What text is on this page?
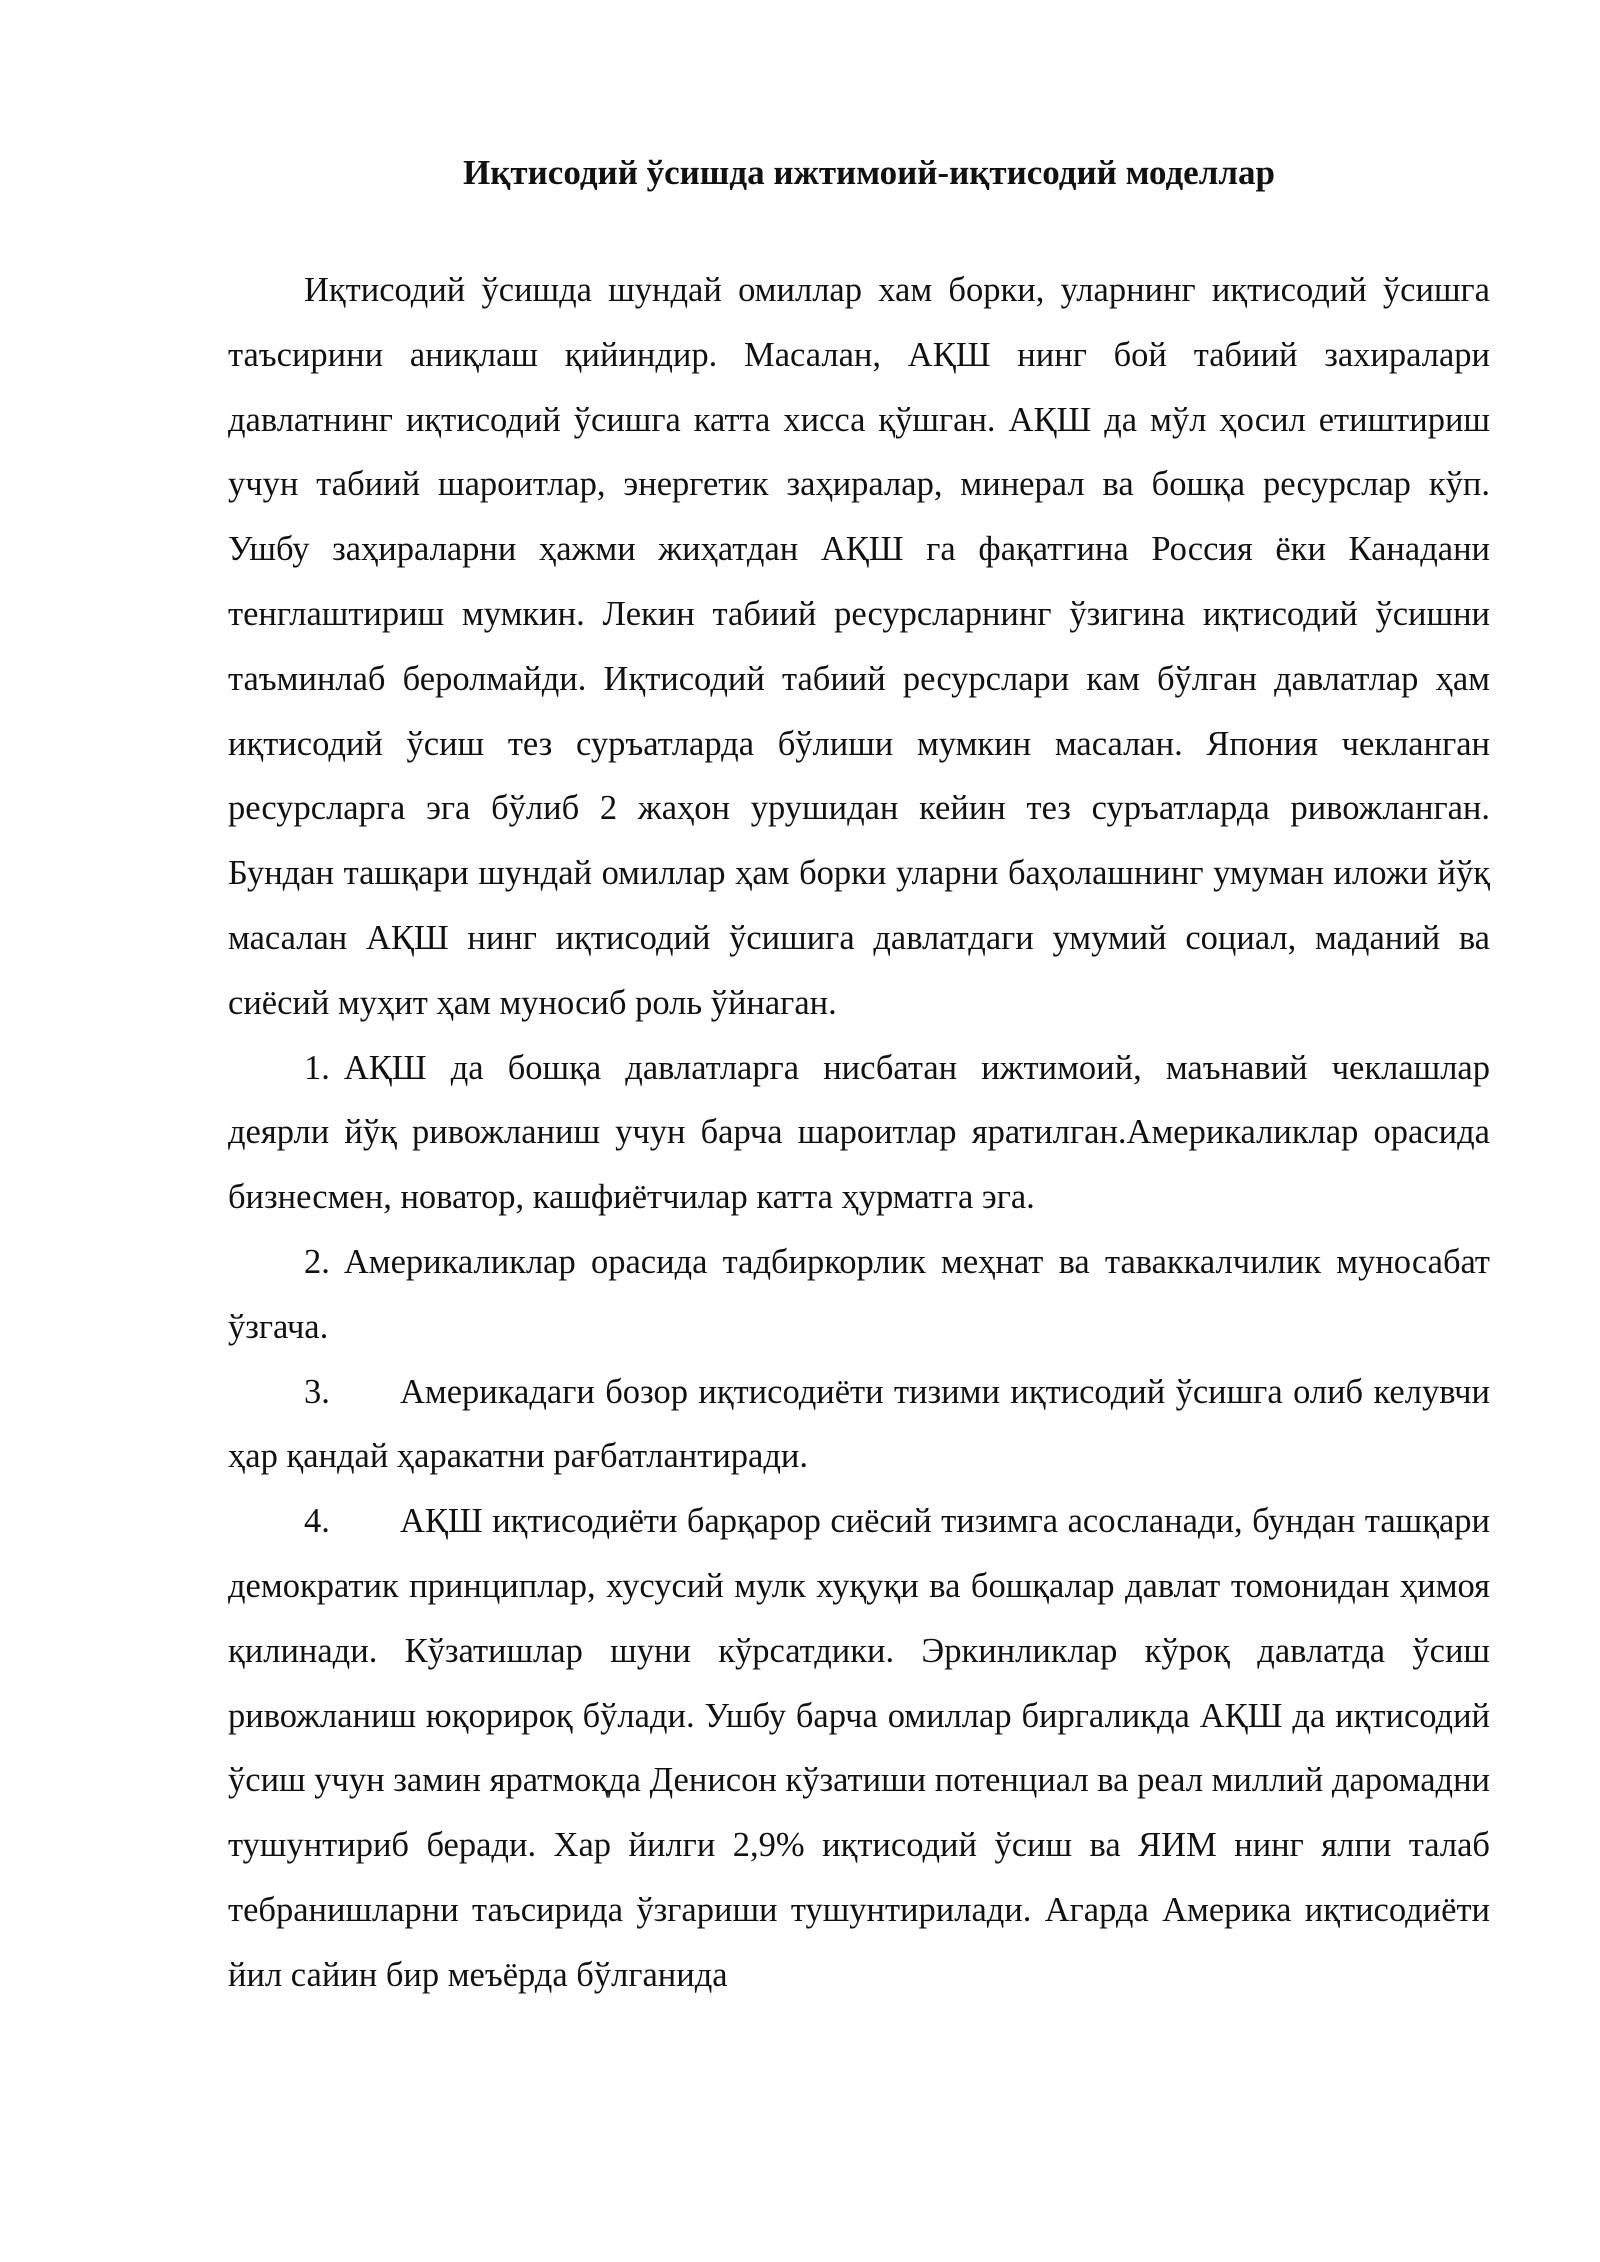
Иқтисодий ўсишда ижтимоий-иқтисодий моделлар

Иқтисодий ўсишда шундай омиллар хам борки, уларнинг иқтисодий ўсишга таъсирини аниқлаш қийиндир. Масалан, АҚШ нинг бой табиий захиралари давлатнинг иқтисодий ўсишга катта хисса қўшган. АҚШ да мўл ҳосил етиштириш учун табиий шароитлар, энергетик заҳиралар, минерал ва бошқа ресурслар кўп. Ушбу заҳираларни ҳажми жиҳатдан АҚШ га фақатгина Россия ёки Канадани тенглаштириш мумкин. Лекин табиий ресурсларнинг ўзигина иқтисодий ўсишни таъминлаб беролмайди. Иқтисодий табиий ресурслари кам бўлган давлатлар ҳам иқтисодий ўсиш тез суръатларда бўлиши мумкин масалан. Япония чекланган ресурсларга эга бўлиб 2 жаҳон урушидан кейин тез суръатларда ривожланган. Бундан ташқари шундай омиллар ҳам борки уларни баҳолашнинг умуман иложи йўқ масалан АҚШ нинг иқтисодий ўсишига давлатдаги умумий социал, маданий ва сиёсий муҳит ҳам муносиб роль ўйнаган.

1. АҚШ да бошқа давлатларга нисбатан ижтимоий, маънавий чеклашлар деярли йўқ ривожланиш учун барча шароитлар яратилган.Америкаликлар орасида бизнесмен, новатор, кашфиётчилар катта ҳурматга эга.

2. Америкаликлар орасида тадбиркорлик меҳнат ва таваккалчилик муносабат ўзгача.

3. Америкадаги бозор иқтисодиёти тизими иқтисодий ўсишга олиб келувчи ҳар қандай ҳаракатни рағбатлантиради.

4. АҚШ иқтисодиёти барқарор сиёсий тизимга асосланади, бундан ташқари демократик принциплар, хусусий мулк хуқуқи ва бошқалар давлат томонидан ҳимоя қилинади. Кўзатишлар шуни кўрсатдики. Эркинликлар кўроқ давлатда ўсиш ривожланиш юқорироқ бўлади. Ушбу барча омиллар биргаликда АҚШ да иқтисодий ўсиш учун замин яратмоқда Денисон кўзатиши потенциал ва реал миллий даромадни тушунтириб беради. Хар йилги 2,9% иқтисодий ўсиш ва ЯИМ нинг ялпи талаб тебранишларни таъсирида ўзгариши тушунтирилади. Агарда Америка иқтисодиёти йил сайин бир меъёрда бўлганида
